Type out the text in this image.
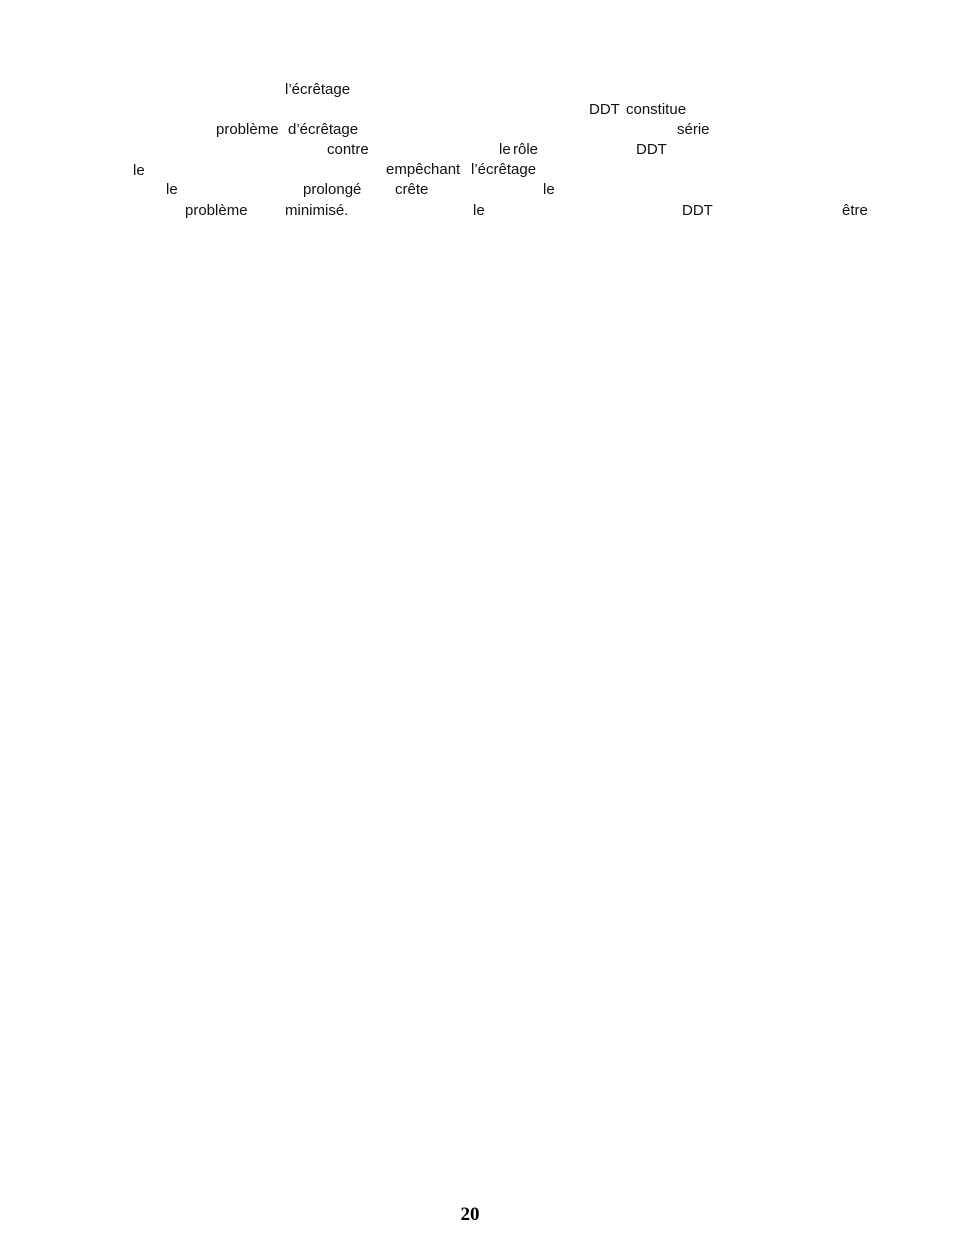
l’écrêtage
DDT constitue
problème d’écrêtage	série
contre	le rôle	DDT
le	empêchant l’écrêtage
le	prolongé crête	le
problème minimisé.	le	DDT	être
20
